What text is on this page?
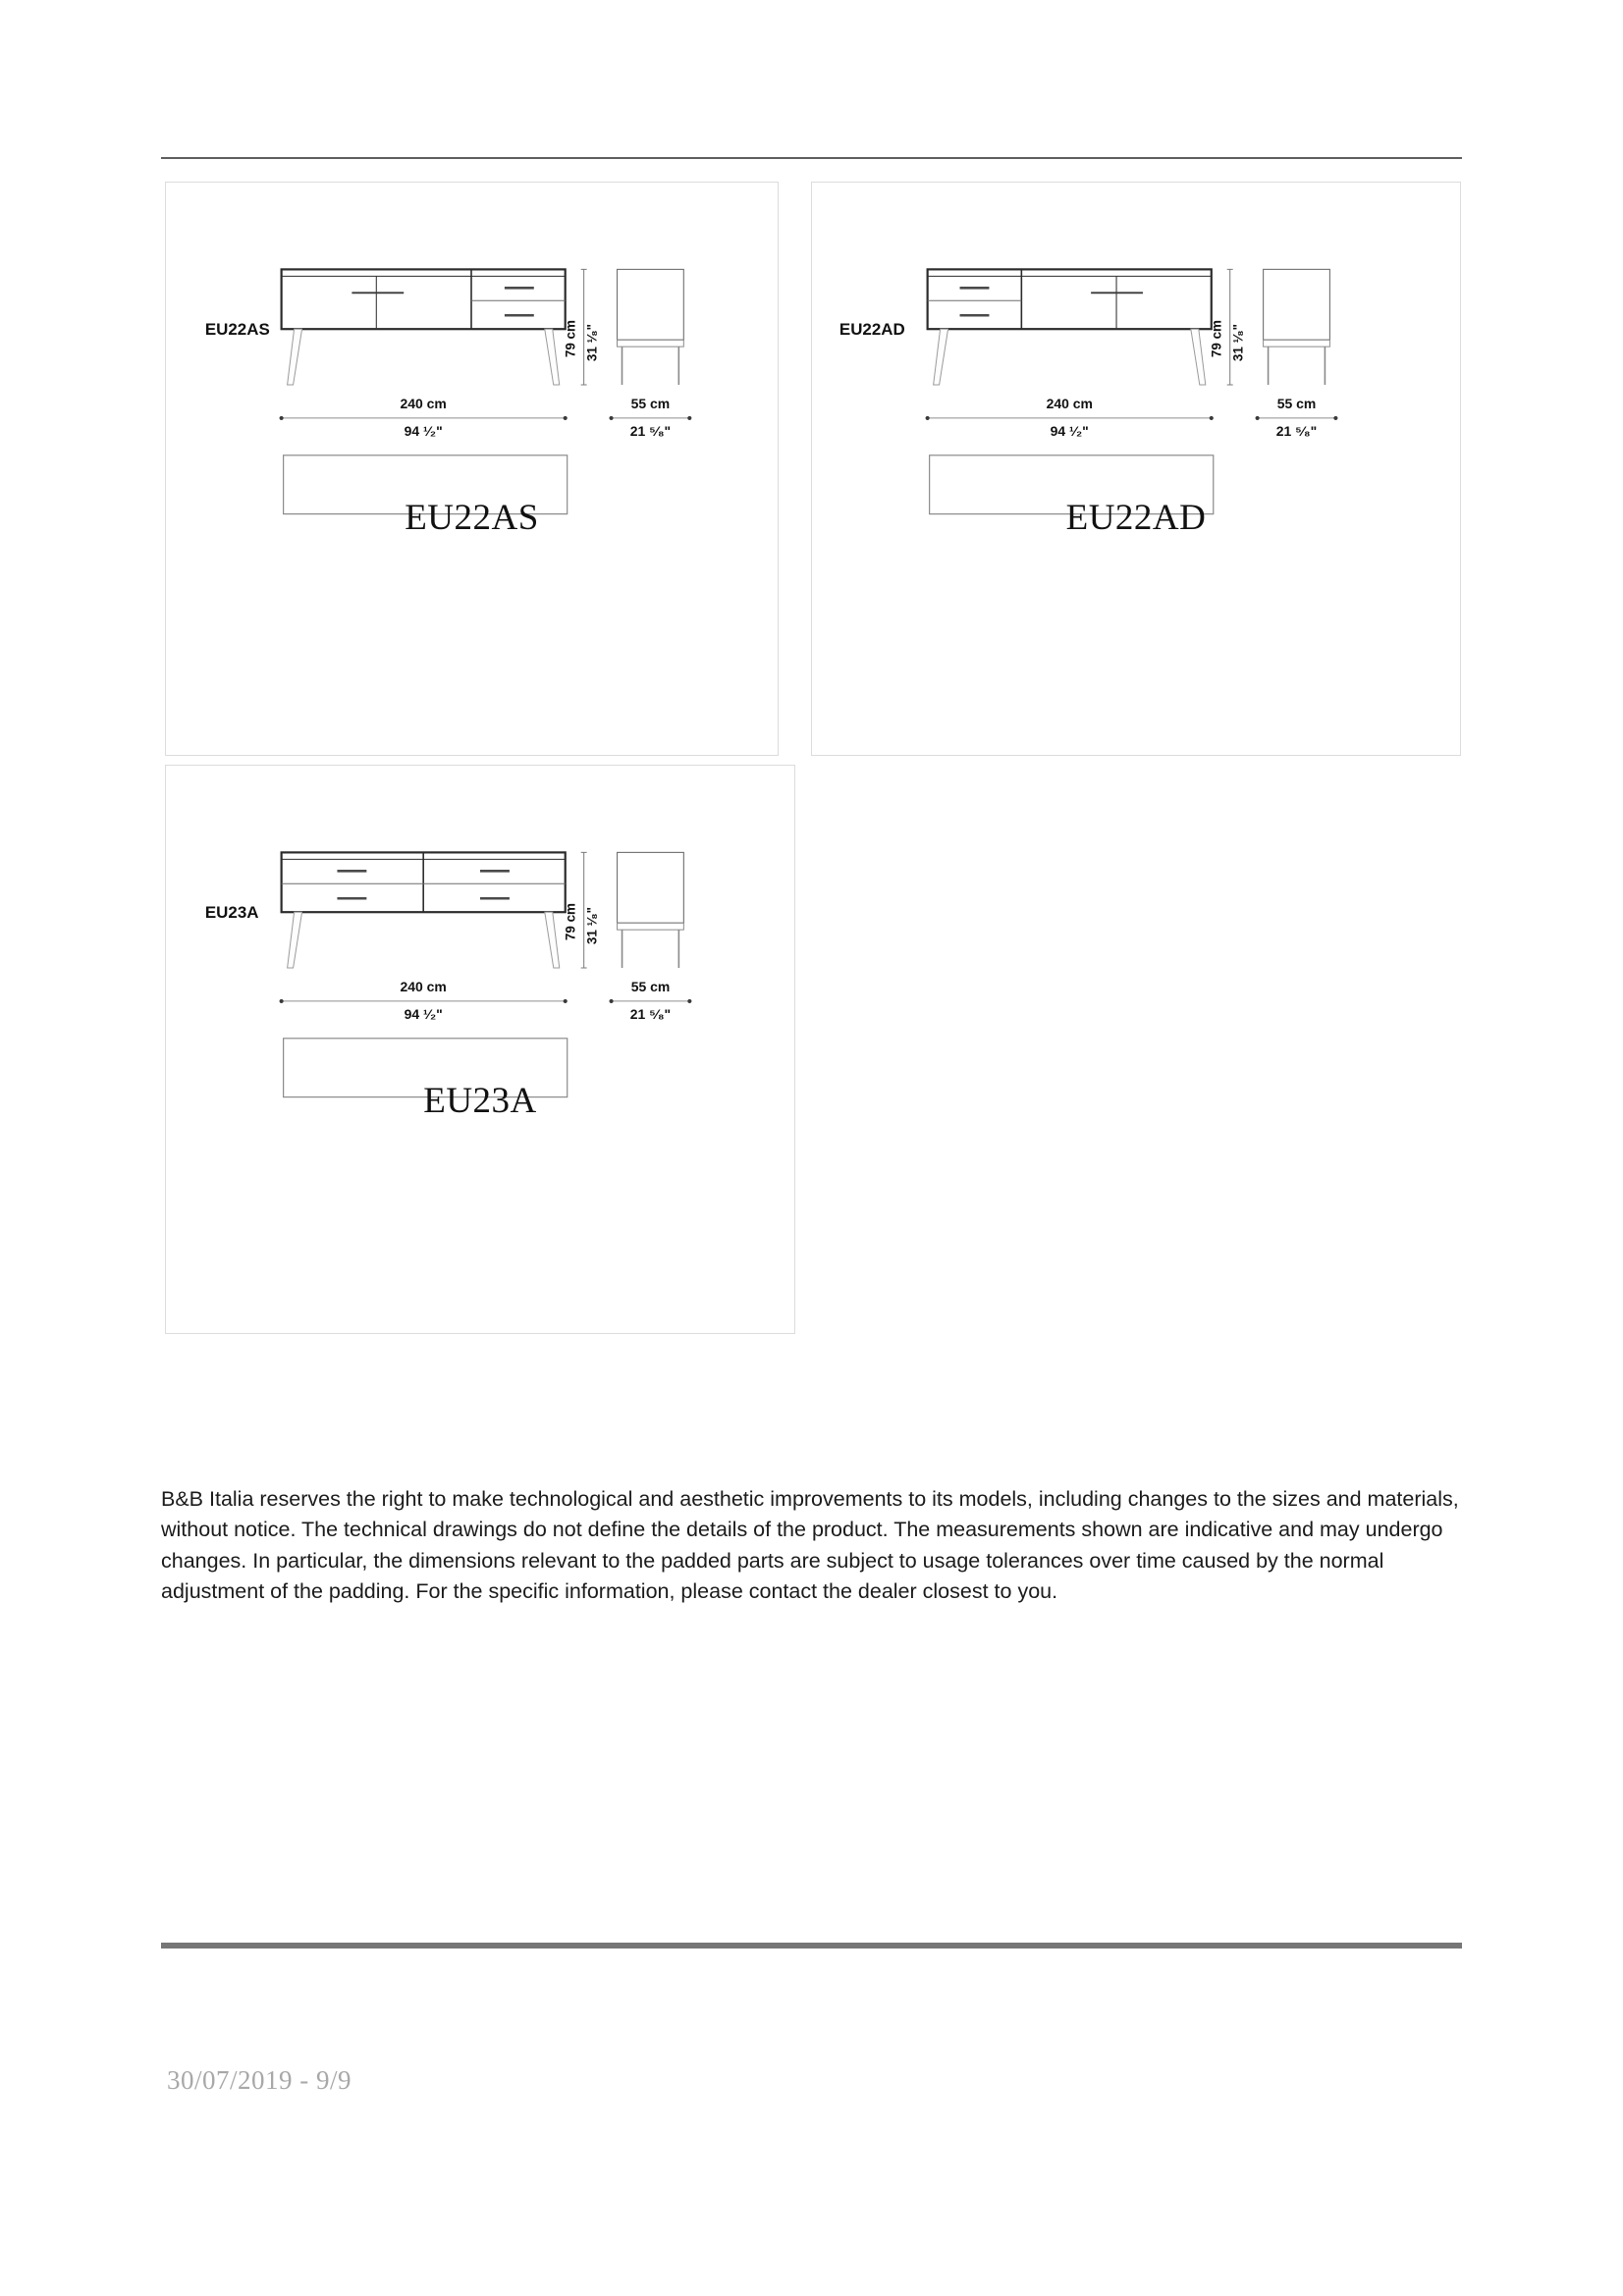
EU22AS	79 cm 31 ¹⁄₈"
240 cm
94 ¹⁄₂"
55 cm
21 ⁵⁄₈"
EU22AS
EU22AD	79 cm 31 ¹⁄₈"
240 cm
94 ¹⁄₂"
55 cm
21 ⁵⁄₈"
EU22AD
EU23A	79 cm 31 ¹⁄₈"
240 cm
94 ¹⁄₂"
55 cm
21 ⁵⁄₈"
EU23A

B&B Italia reserves the right to make technological and aesthetic improvements to its models, including changes to the sizes and materials, without notice. The technical drawings do not define the details of the product. The measurements shown are indicative and may undergo changes. In particular, the dimensions relevant to the padded parts are subject to usage tolerances over time caused by the normal adjustment of the padding. For the specific information, please contact the dealer closest to you.

30/07/2019 - 9/9
